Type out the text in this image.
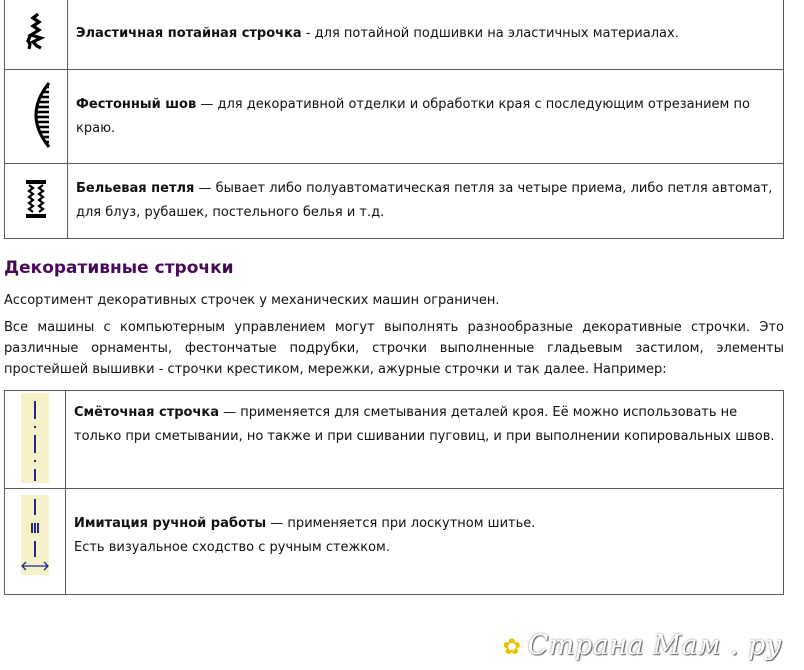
	Эластичная потайная строчка - для потайной подшивки на эластичных материалах.
	Фестонный шов — для декоративной отделки и обработки края с последующим отрезанием по краю.
	Бельевая петля — бывает либо полуавтоматическая петля за четыре приема, либо петля автомат, для блуз, рубашек, постельного белья и т.д.
Декоративные строчки

Ассортимент декоративных строчек у механических машин ограничен.

Все машины с компьютерным управлением могут выполнять разнообразные декоративные строчки. Это различные орнаменты, фестончатые подрубки, строчки выполненные гладьевым застилом, элементы простейшей вышивки - строчки крестиком, мережки, ажурные строчки и так далее. Например:

	Смёточная строчка — применяется для сметывания деталей кроя. Её можно использовать не только при сметывании, но также и при сшивании пуговиц, и при выполнении копировальных швов.
	Имитация ручной работы — применяется при лоскутном шитье.
Есть визуальное сходство с ручным стежком.
✿ Страна Мам . ру
